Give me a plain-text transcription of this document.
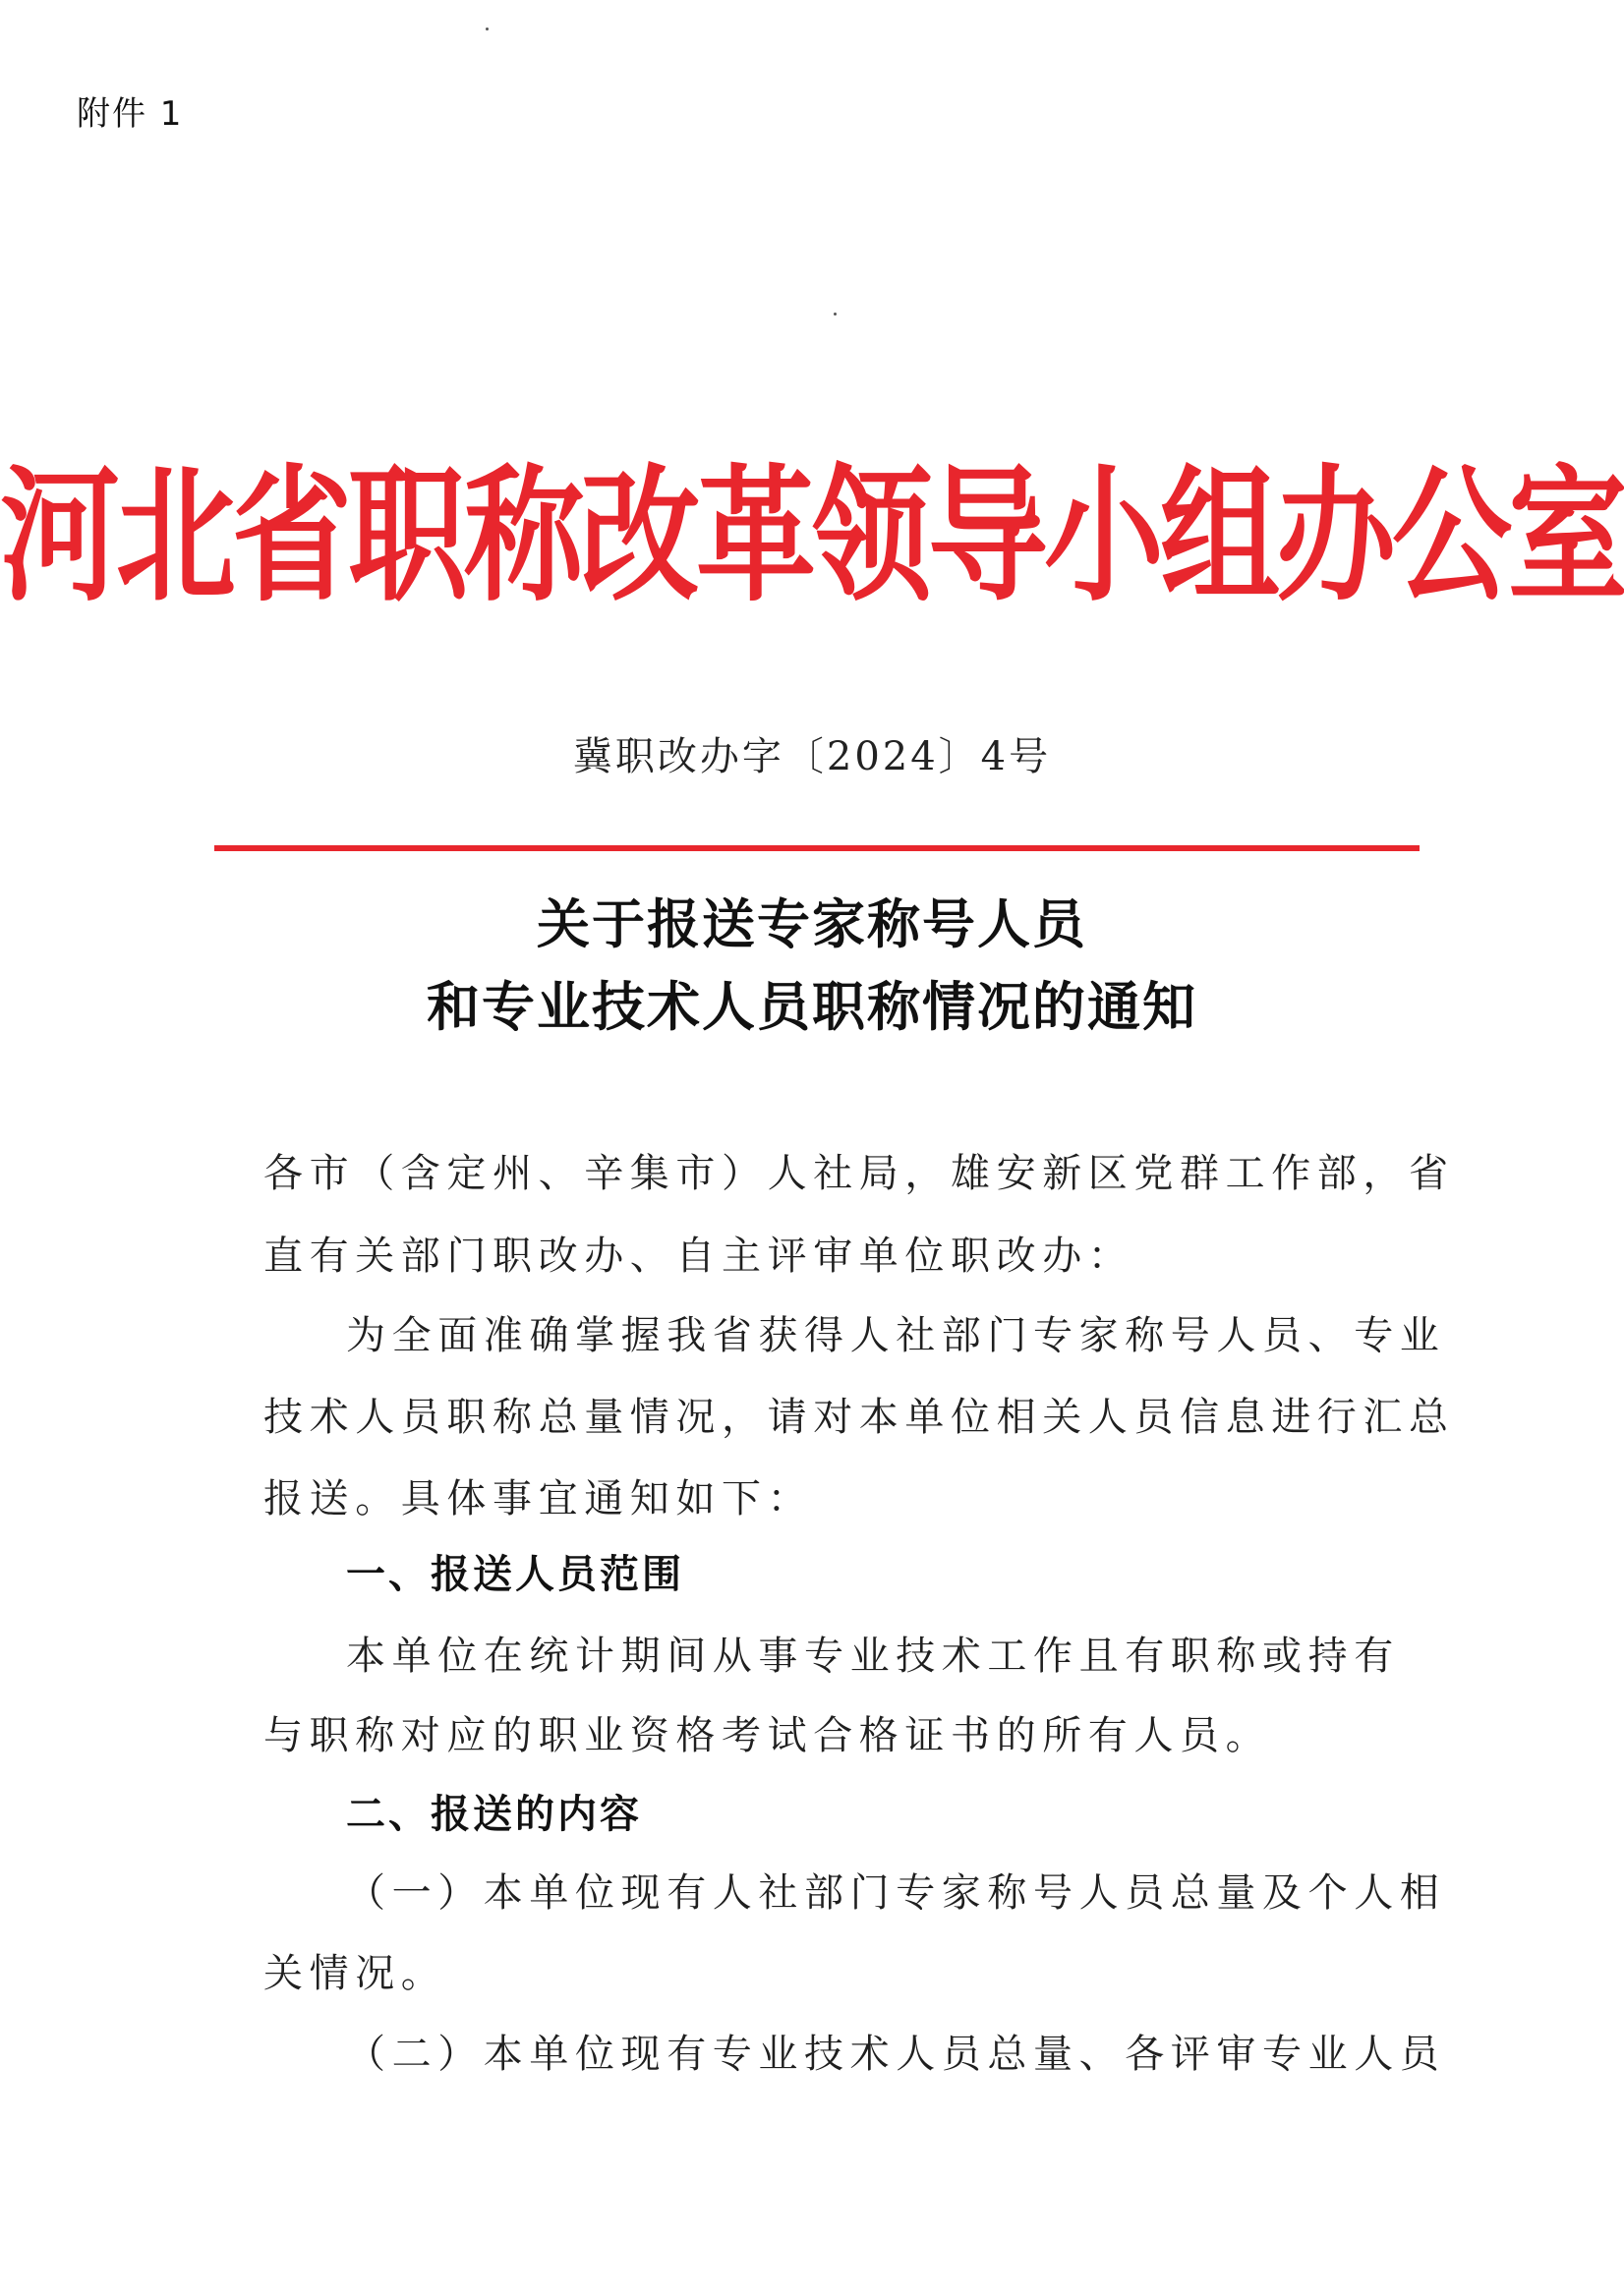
附件 1
河北省职称改革领导小组办公室
冀职改办字〔2024〕4号
关于报送专家称号人员
和专业技术人员职称情况的通知
各市（含定州、辛集市）人社局，雄安新区党群工作部，省
直有关部门职改办、自主评审单位职改办：
为全面准确掌握我省获得人社部门专家称号人员、专业
技术人员职称总量情况，请对本单位相关人员信息进行汇总
报送。具体事宜通知如下：
一、报送人员范围
本单位在统计期间从事专业技术工作且有职称或持有
与职称对应的职业资格考试合格证书的所有人员。
二、报送的内容
（一）本单位现有人社部门专家称号人员总量及个人相
关情况。
（二）本单位现有专业技术人员总量、各评审专业人员
